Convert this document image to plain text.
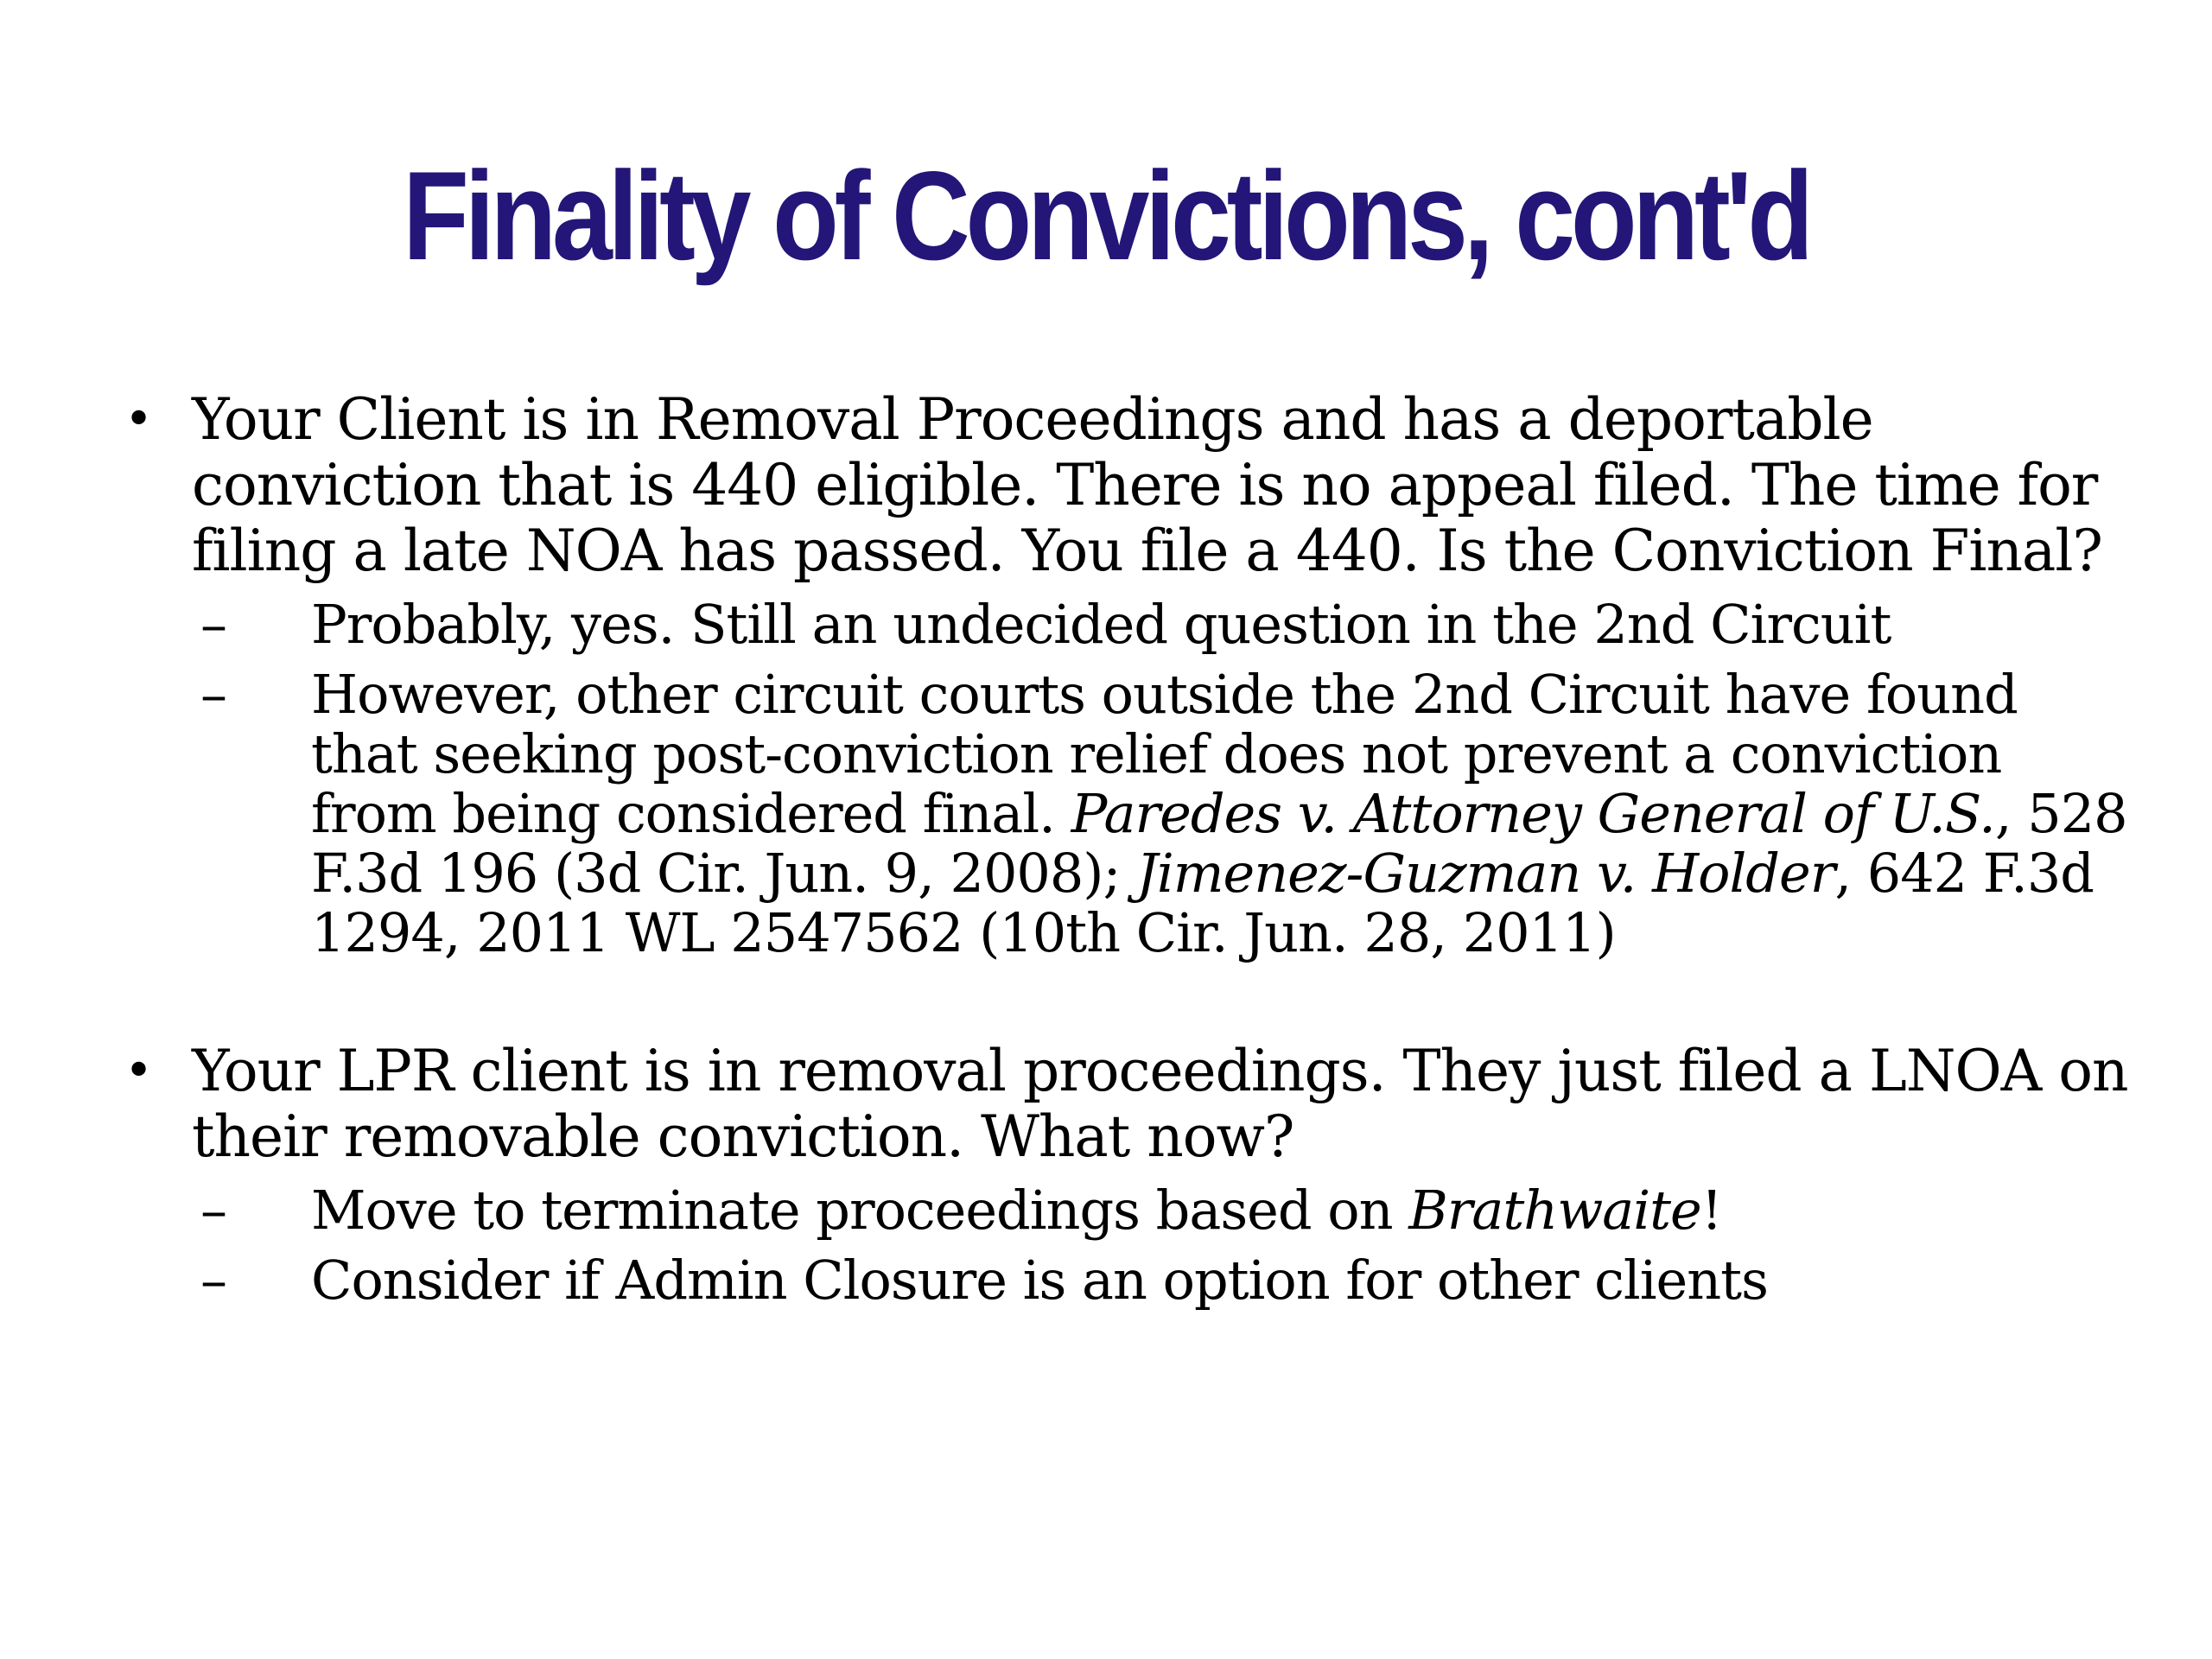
Finality of Convictions, cont'd
• Your Client is in Removal Proceedings and has a deportable conviction that is 440 eligible. There is no appeal filed. The time for filing a late NOA has passed. You file a 440. Is the Conviction Final?
– Probably, yes. Still an undecided question in the 2nd Circuit
– However, other circuit courts outside the 2nd Circuit have found that seeking post-conviction relief does not prevent a conviction from being considered final. Paredes v. Attorney General of U.S., 528 F.3d 196 (3d Cir. Jun. 9, 2008); Jimenez-Guzman v. Holder, 642 F.3d 1294, 2011 WL 2547562 (10th Cir. Jun. 28, 2011)
• Your LPR client is in removal proceedings. They just filed a LNOA on their removable conviction. What now?
– Move to terminate proceedings based on Brathwaite!
– Consider if Admin Closure is an option for other clients
